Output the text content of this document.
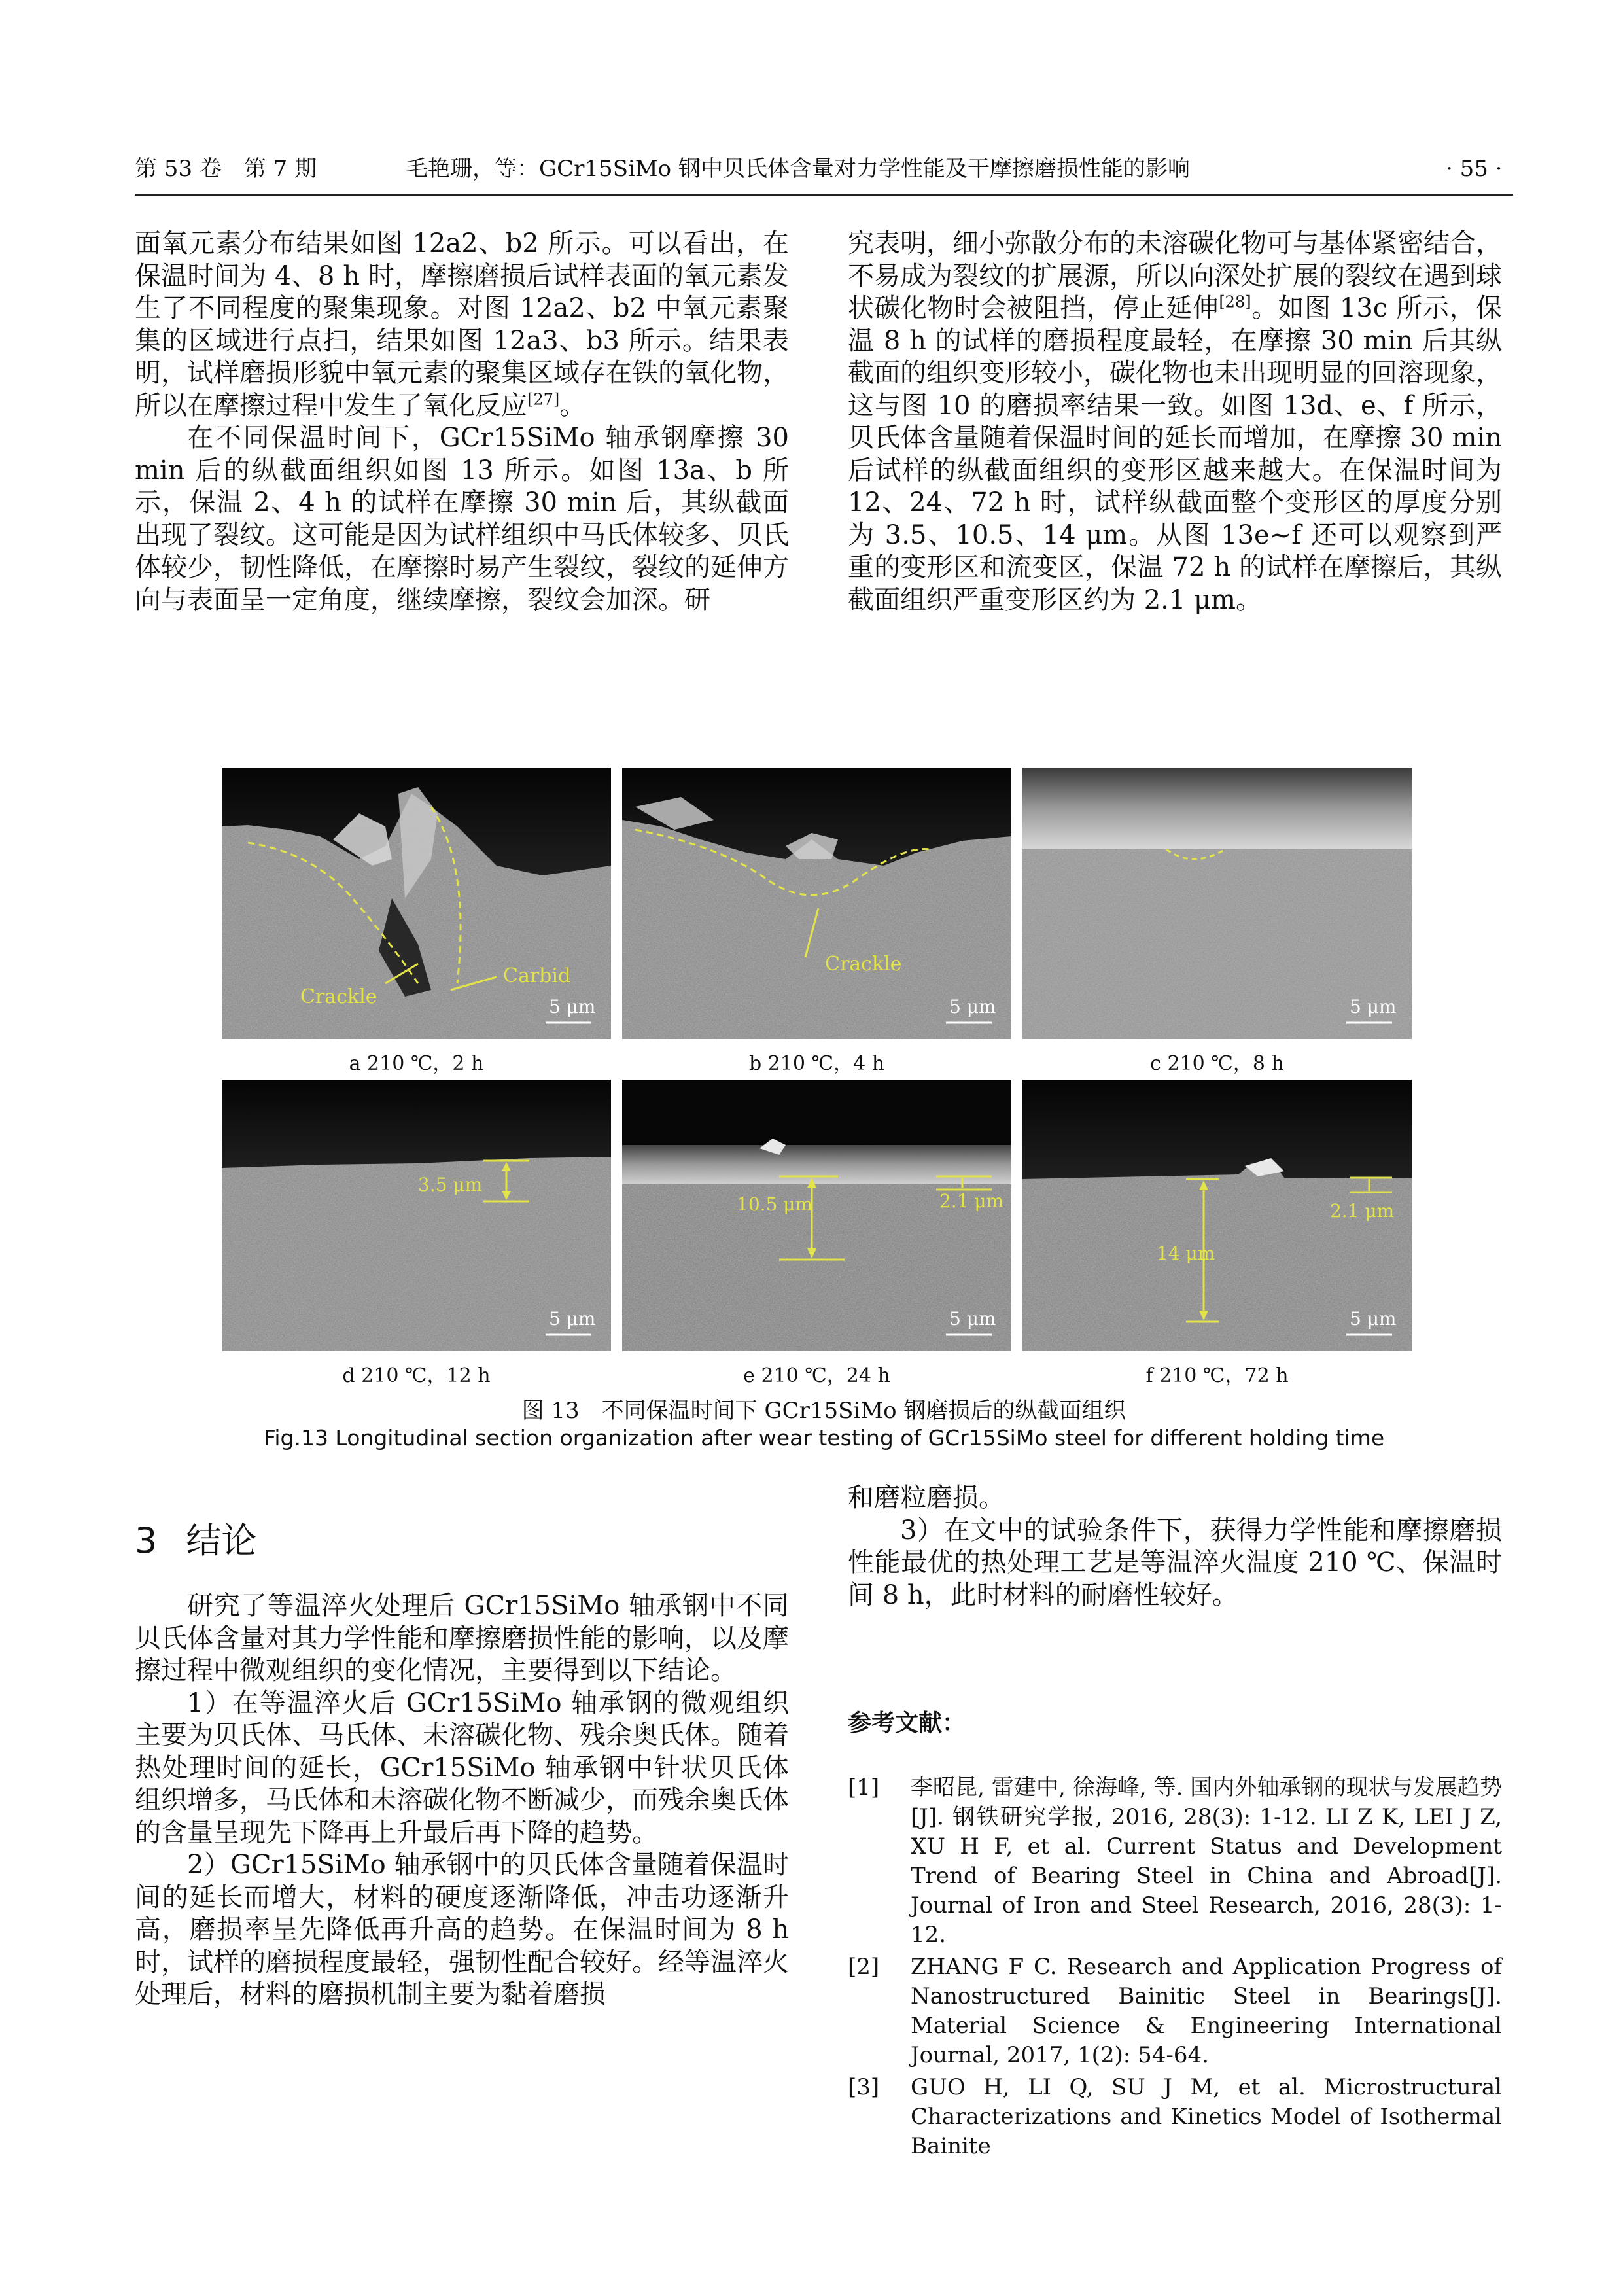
第 53 卷　第 7 期	毛艳珊，等：GCr15SiMo 钢中贝氏体含量对力学性能及干摩擦磨损性能的影响	· 55 ·

面氧元素分布结果如图 12a2、b2 所示。可以看出，在保温时间为 4、8 h 时，摩擦磨损后试样表面的氧元素发生了不同程度的聚集现象。对图 12a2、b2 中氧元素聚集的区域进行点扫，结果如图 12a3、b3 所示。结果表明，试样磨损形貌中氧元素的聚集区域存在铁的氧化物，所以在摩擦过程中发生了氧化反应[27]。

在不同保温时间下，GCr15SiMo 轴承钢摩擦 30 min 后的纵截面组织如图 13 所示。如图 13a、b 所示，保温 2、4 h 的试样在摩擦 30 min 后，其纵截面出现了裂纹。这可能是因为试样组织中马氏体较多、贝氏体较少，韧性降低，在摩擦时易产生裂纹，裂纹的延伸方向与表面呈一定角度，继续摩擦，裂纹会加深。研

究表明，细小弥散分布的未溶碳化物可与基体紧密结合，不易成为裂纹的扩展源，所以向深处扩展的裂纹在遇到球状碳化物时会被阻挡，停止延伸[28]。如图 13c 所示，保温 8 h 的试样的磨损程度最轻，在摩擦 30 min 后其纵截面的组织变形较小，碳化物也未出现明显的回溶现象，这与图 10 的磨损率结果一致。如图 13d、e、f 所示，贝氏体含量随着保温时间的延长而增加，在摩擦 30 min 后试样的纵截面组织的变形区越来越大。在保温时间为 12、24、72 h 时，试样纵截面整个变形区的厚度分别为 3.5、10.5、14 μm。从图 13e~f 还可以观察到严重的变形区和流变区，保温 72 h 的试样在摩擦后，其纵截面组织严重变形区约为 2.1 μm。

Crackle
Carbid
5 μm
a 210 ℃，2 h
Crackle
5 μm
b 210 ℃，4 h
5 μm
c 210 ℃，8 h
3.5 μm
5 μm
d 210 ℃，12 h
10.5 μm	2.1 μm
5 μm
e 210 ℃，24 h
14 μm
2.1 μm
5 μm
f 210 ℃，72 h
图 13　不同保温时间下 GCr15SiMo 钢磨损后的纵截面组织
Fig.13 Longitudinal section organization after wear testing of GCr15SiMo steel for different holding time
3 结论

研究了等温淬火处理后 GCr15SiMo 轴承钢中不同贝氏体含量对其力学性能和摩擦磨损性能的影响，以及摩擦过程中微观组织的变化情况，主要得到以下结论。

1）在等温淬火后 GCr15SiMo 轴承钢的微观组织主要为贝氏体、马氏体、未溶碳化物、残余奥氏体。随着热处理时间的延长，GCr15SiMo 轴承钢中针状贝氏体组织增多，马氏体和未溶碳化物不断减少，而残余奥氏体的含量呈现先下降再上升最后再下降的趋势。

2）GCr15SiMo 轴承钢中的贝氏体含量随着保温时间的延长而增大，材料的硬度逐渐降低，冲击功逐渐升高，磨损率呈先降低再升高的趋势。在保温时间为 8 h 时，试样的磨损程度最轻，强韧性配合较好。经等温淬火处理后，材料的磨损机制主要为黏着磨损

和磨粒磨损。

3）在文中的试验条件下，获得力学性能和摩擦磨损性能最优的热处理工艺是等温淬火温度 210 ℃、保温时间 8 h，此时材料的耐磨性较好。

参考文献：
[1]	李昭昆, 雷建中, 徐海峰, 等. 国内外轴承钢的现状与发展趋势[J]. 钢铁研究学报, 2016, 28(3): 1-12. LI Z K, LEI J Z, XU H F, et al. Current Status and Development Trend of Bearing Steel in China and Abroad[J]. Journal of Iron and Steel Research, 2016, 28(3): 1-12.
[2]	ZHANG F C. Research and Application Progress of Nanostructured Bainitic Steel in Bearings[J]. Material Science & Engineering International Journal, 2017, 1(2): 54-64.
[3]	GUO H, LI Q, SU J M, et al. Microstructural Characterizations and Kinetics Model of Isothermal Bainite
